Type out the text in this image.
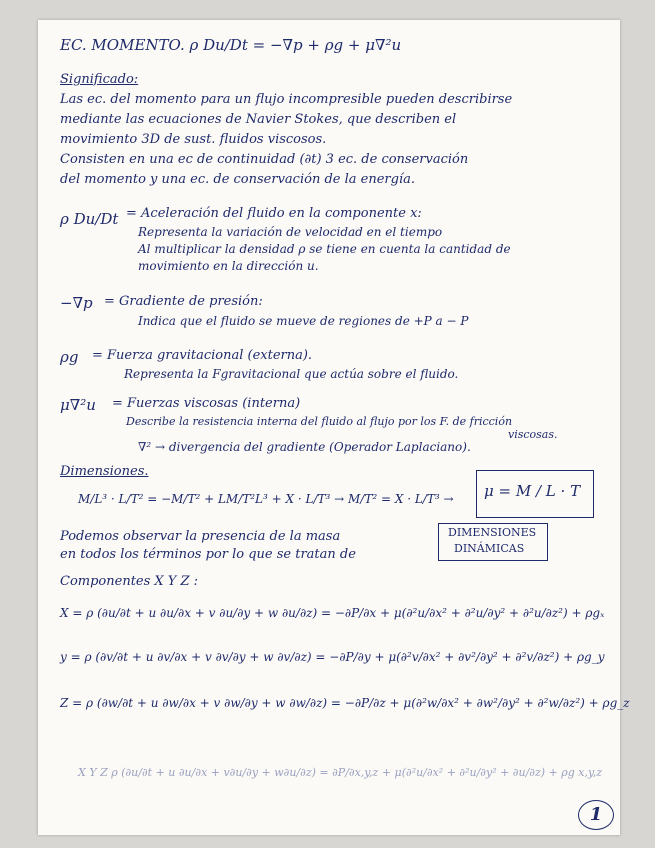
EC. MOMENTO. ρ Du/Dt = −∇p + ρg + μ∇²u
Significado:
Las ec. del momento para un flujo incompresible pueden describirse
mediante las ecuaciones de Navier Stokes, que describen el
movimiento 3D de sust. fluidos viscosos.
Consisten en una ec de continuidad (∂t) 3 ec. de conservación
del momento y una ec. de conservación de la energía.
ρ Du/Dt = Aceleración del fluido en la componente x:
Representa la variación de velocidad en el tiempo
Al multiplicar la densidad ρ se tiene en cuenta la cantidad de
movimiento en la dirección u.
−∇p = Gradiente de presión:
Indica que el fluido se mueve de regiones de +P a − P
ρg = Fuerza gravitacional (externa).
Representa la Fgravitacional que actúa sobre el fluido.
μ∇²u = Fuerzas viscosas (interna)
Describe la resistencia interna del fluido al flujo por los F. de fricción
viscosas.
∇² → divergencia del gradiente (Operador Laplaciano).
Dimensiones.
M/L³ · L/T² = −M/T² + LM/T²L³ + X · L/T³ → M/T² = X · L/T³ → μ = M / L · T
Podemos observar la presencia de la masa
en todos los términos por lo que se tratan de
DIMENSIONES
DINÁMICAS
Componentes X Y Z :
X = ρ (∂u/∂t + u ∂u/∂x + v ∂u/∂y + w ∂u/∂z) = −∂P/∂x + μ(∂²u/∂x² + ∂²u/∂y² + ∂²u/∂z²) + ρgₓ
y = ρ (∂v/∂t + u ∂v/∂x + v ∂v/∂y + w ∂v/∂z) = −∂P/∂y + μ(∂²v/∂x² + ∂v²/∂y² + ∂²v/∂z²) + ρg_y
Z = ρ (∂w/∂t + u ∂w/∂x + v ∂w/∂y + w ∂w/∂z) = −∂P/∂z + μ(∂²w/∂x² + ∂w²/∂y² + ∂²w/∂z²) + ρg_z
X Y Z ρ (∂u/∂t + u ∂u/∂x + v∂u/∂y + w∂u/∂z) = ∂P/∂x,y,z + μ(∂²u/∂x² + ∂²u/∂y² + ∂u/∂z) + ρg x,y,z
1
